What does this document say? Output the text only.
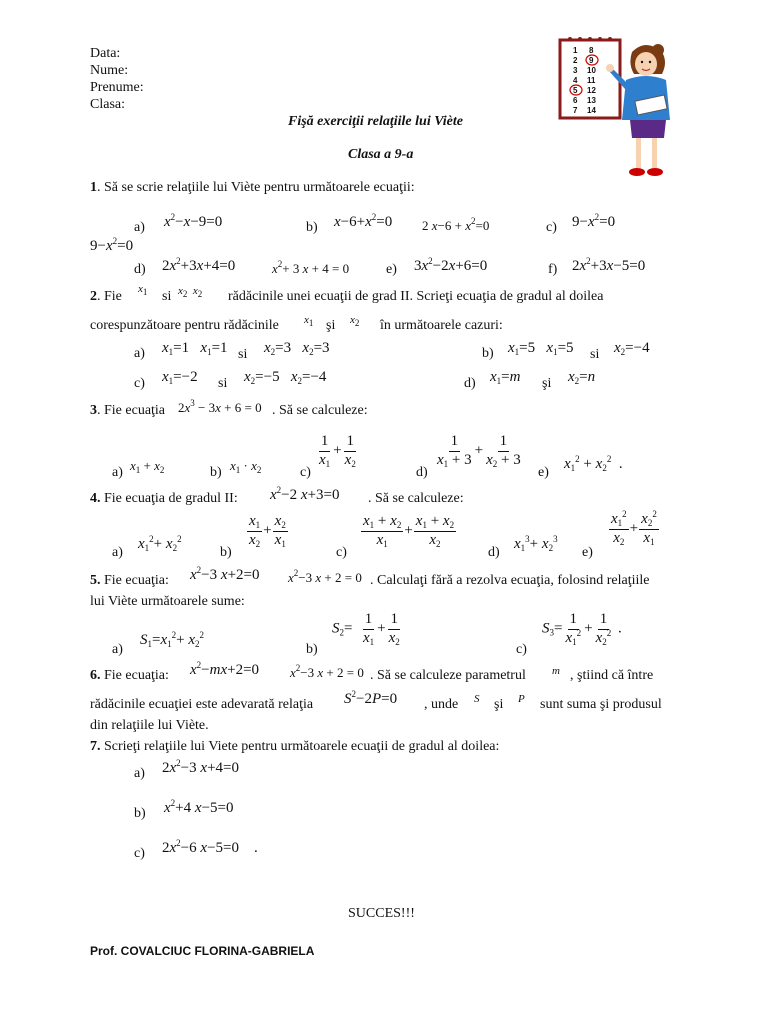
Data:
Nume:
Prenume:
Clasa:
Fişă exerciţii relaţiile lui Viète
Clasa a 9-a
1 8
2 9
3 10
4 11
5 12
6 13
7 14
1. Să se scrie relaţiile lui Viète pentru următoarele ecuaţii:
a) $x^2-x-9=0$	b) $x-6+x^2=0$ 2 $x-6 + x^2=0$	c) $9-x^2=0$
$9-x^2=0$
d) $2x^2+3x+4=0$	$x^2+ 3$ x + 4 = 0	e) $3x^2-2x+6=0$	f) $2x^2+3x-5=0$
2. Fie $x_1$ si $x_2$ $x_2$ rădăcinile unei ecuaţii de grad II. Scrieţi ecuaţia de gradul al doilea
corespunzătoare pentru rădăcinile $x_1$ şi $x_2$ în următoarele cazuri:
a) $x_1=1$   $x_1=1$ si $x_2=3$   $x_2=3$	b) $x_1=5$   $x_1=5$ si $x_2=-4$
c) $x_1=-2$ si $x_2=-5$   $x_2=-4$	d) $x_1=m$ şi $x_2=n$
3. Fie ecuaţia $2x^3 - 3x + 6 = 0$ . Să se calculeze:
a) $x_1 + x_2$	b) $x_1 \cdot x_2$	c)
$\frac{1}{x_1} + \frac{1}{x_2}$
d)
$\frac{1}{x_1 + 3} + \frac{1}{x_2 + 3}$
e)
$x_1^2 + x_2^2$  .
4. Fie ecuaţia de gradul II: $x^2-2$ x+3=0 . Să se calculeze:
a)
$x_1^2+ x_2^2$
b)
$\frac{x_1}{x_2} + \frac{x_2}{x_1}$
c)
$\frac{x_1 + x_2}{x_1} + \frac{x_1 + x_2}{x_2}$
d)
$x_1^3+ x_2^3$
e)
$\frac{x_1^2}{x_2} + \frac{x_2^2}{x_1}$
5. Fie ecuaţia: $x^2-3$ x+2=0 $x^2-3$ x + 2 = 0 . Calculaţi fără a rezolva ecuaţia, folosind relaţiile
lui Viète următoarele sume:
a)
$S_1=x_1^2+ x_2^2$
b)
$S_2= \frac{1}{x_1} + \frac{1}{x_2}$
c)
$S_3= \frac{1}{x_1^2} + \frac{1}{x_2^2}$ .
6. Fie ecuaţia: $x^2-mx+2=0$ $x^2-3$ x + 2 = 0 . Să se calculeze parametrul m , ştiind că între
rădăcinile ecuaţiei este adevarată relaţia $S^2-2P=0$ , unde S şi P sunt suma şi produsul
din relaţiile lui Viète.
7. Scrieţi relaţiile lui Viete pentru următoarele ecuaţii de gradul al doilea:
a) $2x^2-3$ x+4=0
b) $x^2+4$ x−5=0
c) $2x^2-6$ x−5=0    .
SUCCES!!!
Prof. COVALCIUC FLORINA-GABRIELA
